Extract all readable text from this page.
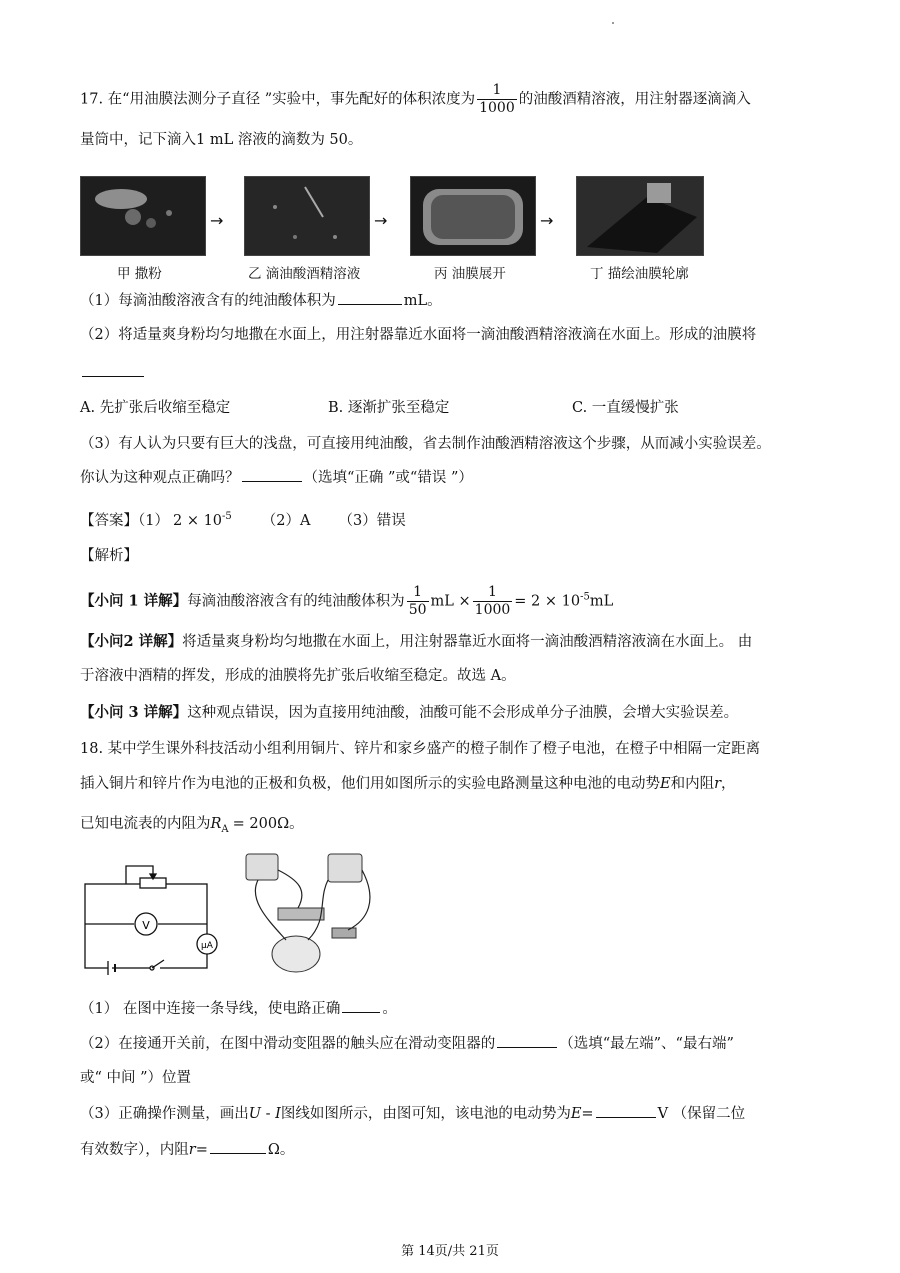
17. 在“用油膜法测分子直径 ”实验中，事先配好的体积浓度为 $\frac{1}{1000}$ 的油酸酒精溶液，用注射器逐滴滴入
量筒中，记下滴入1 mL 溶液的滴数为 50。
→	→	→
甲 撒粉	乙 滴油酸酒精溶液	丙 油膜展开	丁 描绘油膜轮廓
（1）每滴油酸溶液含有的纯油酸体积为	mL。
（2）将适量爽身粉均匀地撒在水面上，用注射器靠近水面将一滴油酸酒精溶液滴在水面上。形成的油膜将
A. 先扩张后收缩至稳定	B. 逐渐扩张至稳定	C. 一直缓慢扩张
（3）有人认为只要有巨大的浅盘，可直接用纯油酸，省去制作油酸酒精溶液这个步骤，从而减小实验误差。
你认为这种观点正确吗？	（选填“正确 ”或“错误 ”）
【答案】（1） $2 \times 10^{-5}$ （2）A （3）错误
【解析】
【小问 1 详解】每滴油酸溶液含有的纯油酸体积为 $\frac{1}{50}$ mL × $\frac{1}{1000} = 2 \times 10^{-5}mL$
【小问2 详解】将适量爽身粉均匀地撒在水面上，用注射器靠近水面将一滴油酸酒精溶液滴在水面上。 由
于溶液中酒精的挥发，形成的油膜将先扩张后收缩至稳定。故选 A。
【小问 3 详解】这种观点错误，因为直接用纯油酸，油酸可能不会形成单分子油膜，会增大实验误差。
18. 某中学生课外科技活动小组利用铜片、锌片和家乡盛产的橙子制作了橙子电池，在橙子中相隔一定距离
插入铜片和锌片作为电池的正极和负极，他们用如图所示的实验电路测量这种电池的电动势E和内阻r，
已知电流表的内阻为$R_A = 200\Omega$。
V
μA
（1） 在图中连接一条导线，使电路正确	。
（2）在接通开关前，在图中滑动变阻器的触头应在滑动变阻器的	（选填“最左端”、“最右端”
或“ 中间 ”）位置
（3）正确操作测量，画出U - I图线如图所示，由图可知，该电池的电动势为E=	V （保留二位
有效数字），内阻r=	Ω。
第 14页/共 21页
